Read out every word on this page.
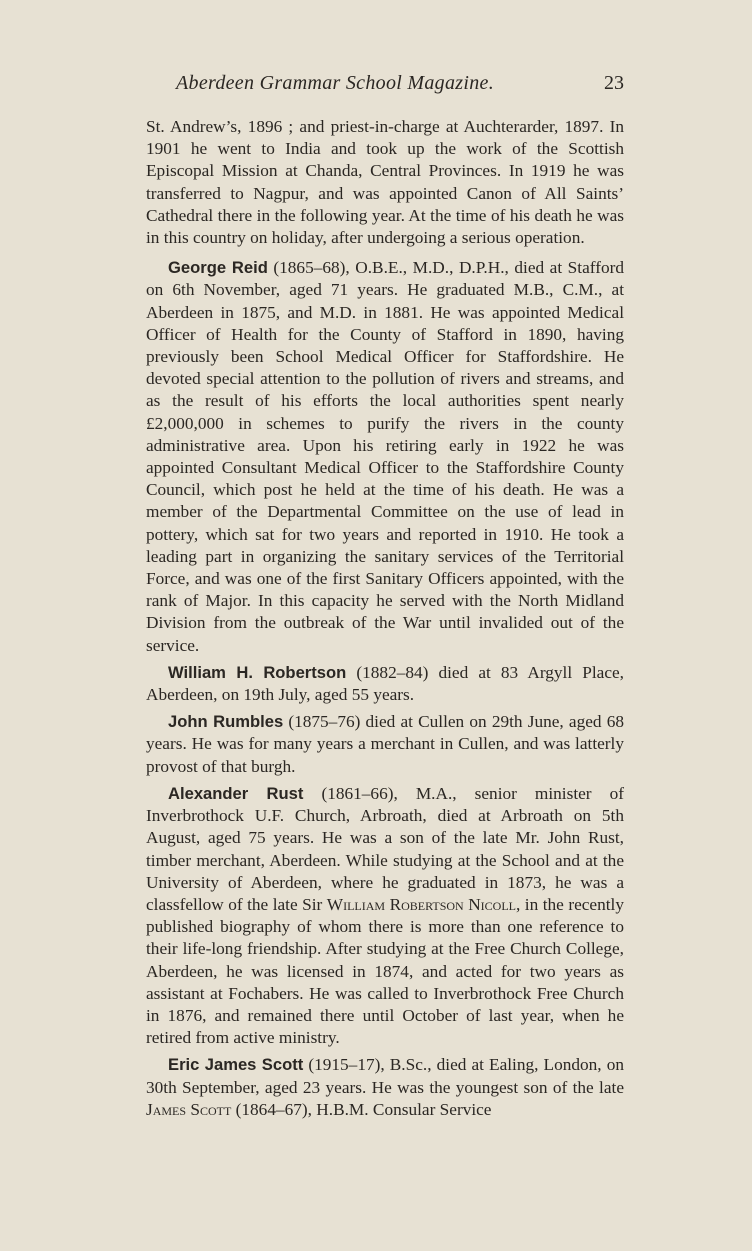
Aberdeen Grammar School Magazine.	23

St. Andrew’s, 1896 ; and priest-in-charge at Auchterarder, 1897. In 1901 he went to India and took up the work of the Scottish Episcopal Mission at Chanda, Central Provinces. In 1919 he was transferred to Nagpur, and was appointed Canon of All Saints’ Cathedral there in the following year. At the time of his death he was in this country on holiday, after undergoing a serious operation.

George Reid (1865–68), O.B.E., M.D., D.P.H., died at Stafford on 6th November, aged 71 years. He graduated M.B., C.M., at Aberdeen in 1875, and M.D. in 1881. He was appointed Medical Officer of Health for the County of Stafford in 1890, having previously been School Medical Officer for Staffordshire. He devoted special attention to the pollution of rivers and streams, and as the result of his efforts the local authorities spent nearly £2,000,000 in schemes to purify the rivers in the county administrative area. Upon his retiring early in 1922 he was appointed Consultant Medical Officer to the Staffordshire County Council, which post he held at the time of his death. He was a member of the Departmental Committee on the use of lead in pottery, which sat for two years and reported in 1910. He took a leading part in organizing the sanitary services of the Territorial Force, and was one of the first Sanitary Officers appointed, with the rank of Major. In this capacity he served with the North Midland Division from the outbreak of the War until invalided out of the service.

William H. Robertson (1882–84) died at 83 Argyll Place, Aberdeen, on 19th July, aged 55 years.

John Rumbles (1875–76) died at Cullen on 29th June, aged 68 years. He was for many years a merchant in Cullen, and was latterly provost of that burgh.

Alexander Rust (1861–66), M.A., senior minister of Inverbrothock U.F. Church, Arbroath, died at Arbroath on 5th August, aged 75 years. He was a son of the late Mr. John Rust, timber merchant, Aberdeen. While studying at the School and at the University of Aberdeen, where he graduated in 1873, he was a classfellow of the late Sir William Robertson Nicoll, in the recently published biography of whom there is more than one reference to their life-long friendship. After studying at the Free Church College, Aberdeen, he was licensed in 1874, and acted for two years as assistant at Fochabers. He was called to Inverbrothock Free Church in 1876, and remained there until October of last year, when he retired from active ministry.

Eric James Scott (1915–17), B.Sc., died at Ealing, London, on 30th September, aged 23 years. He was the youngest son of the late James Scott (1864–67), H.B.M. Consular Service
